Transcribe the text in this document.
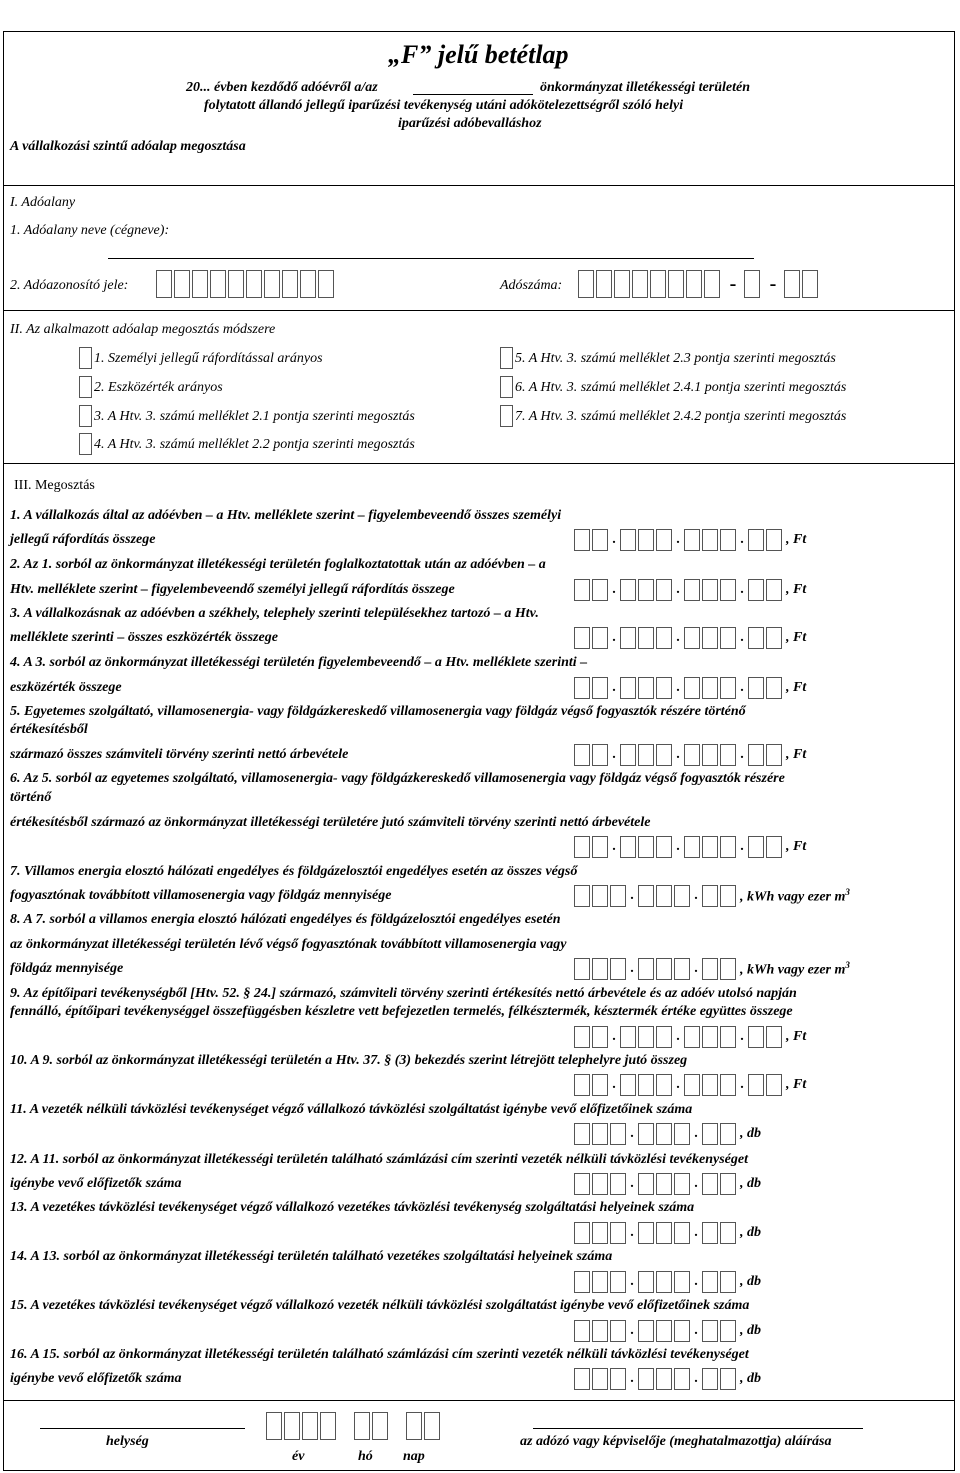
„F” jelű betétlap
20... évben kezdődő adóévről a/az	önkormányzat illetékességi területén
folytatott állandó jellegű iparűzési tevékenység utáni adókötelezettségről szóló helyi
iparűzési adóbevalláshoz
A vállalkozási szintű adóalap megosztása
I. Adóalany
1. Adóalany neve (cégneve):
2. Adóazonosító jele:	Adószáma:	-	-
II. Az alkalmazott adóalap megosztás módszere
1. Személyi jellegű ráfordítással arányos
2. Eszközérték arányos
3. A Htv. 3. számú melléklet 2.1 pontja szerinti megosztás
4. A Htv. 3. számú melléklet 2.2 pontja szerinti megosztás
5. A Htv. 3. számú melléklet 2.3 pontja szerinti megosztás
6. A Htv. 3. számú melléklet 2.4.1 pontja szerinti megosztás
7. A Htv. 3. számú melléklet 2.4.2 pontja szerinti megosztás
III. Megosztás
1. A vállalkozás által az adóévben – a Htv. melléklete szerint – figyelembeveendő összes személyi
jellegű ráfordítás összege	.	.	.	, Ft
2. Az 1. sorból az önkormányzat illetékességi területén foglalkoztatottak után az adóévben – a
Htv. melléklete szerint – figyelembeveendő személyi jellegű ráfordítás összege	.	.	.	, Ft
3. A vállalkozásnak az adóévben a székhely, telephely szerinti településekhez tartozó – a Htv.
melléklete szerinti – összes eszközérték összege	.	.	.	, Ft
4. A 3. sorból az önkormányzat illetékességi területén figyelembeveendő – a Htv. melléklete szerinti –
eszközérték összege	.	.	.	, Ft
5. Egyetemes szolgáltató, villamosenergia- vagy földgázkereskedő villamosenergia vagy földgáz végső fogyasztók részére történő
értékesítésből
származó összes számviteli törvény szerinti nettó árbevétele	.	.	.	, Ft
6. Az 5. sorból az egyetemes szolgáltató, villamosenergia- vagy földgázkereskedő villamosenergia vagy földgáz végső fogyasztók részére
történő
értékesítésből származó az önkormányzat illetékességi területére jutó számviteli törvény szerinti nettó árbevétele
.	.	.	, Ft
7. Villamos energia elosztó hálózati engedélyes és földgázelosztói engedélyes esetén az összes végső
fogyasztónak továbbított villamosenergia vagy földgáz mennyisége	.	.	, kWh vagy ezer $m^3$
8. A 7. sorból a villamos energia elosztó hálózati engedélyes és földgázelosztói engedélyes esetén
az önkormányzat illetékességi területén lévő végső fogyasztónak továbbított villamosenergia vagy
földgáz mennyisége	.	.	, kWh vagy ezer $m^3$
9. Az építőipari tevékenységből [Htv. 52. § 24.] származó, számviteli törvény szerinti értékesítés nettó árbevétele és az adóév utolsó napján
fennálló, építőipari tevékenységgel összefüggésben készletre vett befejezetlen termelés, félkésztermék, késztermék értéke együttes összege
.	.	.	, Ft
10. A 9. sorból az önkormányzat illetékességi területén a Htv. 37. § (3) bekezdés szerint létrejött telephelyre jutó összeg
.	.	.	, Ft
11. A vezeték nélküli távközlési tevékenységet végző vállalkozó távközlési szolgáltatást igénybe vevő előfizetőinek száma
.	.	, db
12. A 11. sorból az önkormányzat illetékességi területén található számlázási cím szerinti vezeték nélküli távközlési tevékenységet
igénybe vevő előfizetők száma	.	.	, db
13. A vezetékes távközlési tevékenységet végző vállalkozó vezetékes távközlési tevékenység szolgáltatási helyeinek száma
.	.	, db
14. A 13. sorból az önkormányzat illetékességi területén található vezetékes szolgáltatási helyeinek száma
.	.	, db
15. A vezetékes távközlési tevékenységet végző vállalkozó vezeték nélküli távközlési szolgáltatást igénybe vevő előfizetőinek száma
.	.	, db
16. A 15. sorból az önkormányzat illetékességi területén található számlázási cím szerinti vezeték nélküli távközlési tevékenységet
igénybe vevő előfizetők száma	.	.	, db
helység
év	hó nap
az adózó vagy képviselője (meghatalmazottja) aláírása
